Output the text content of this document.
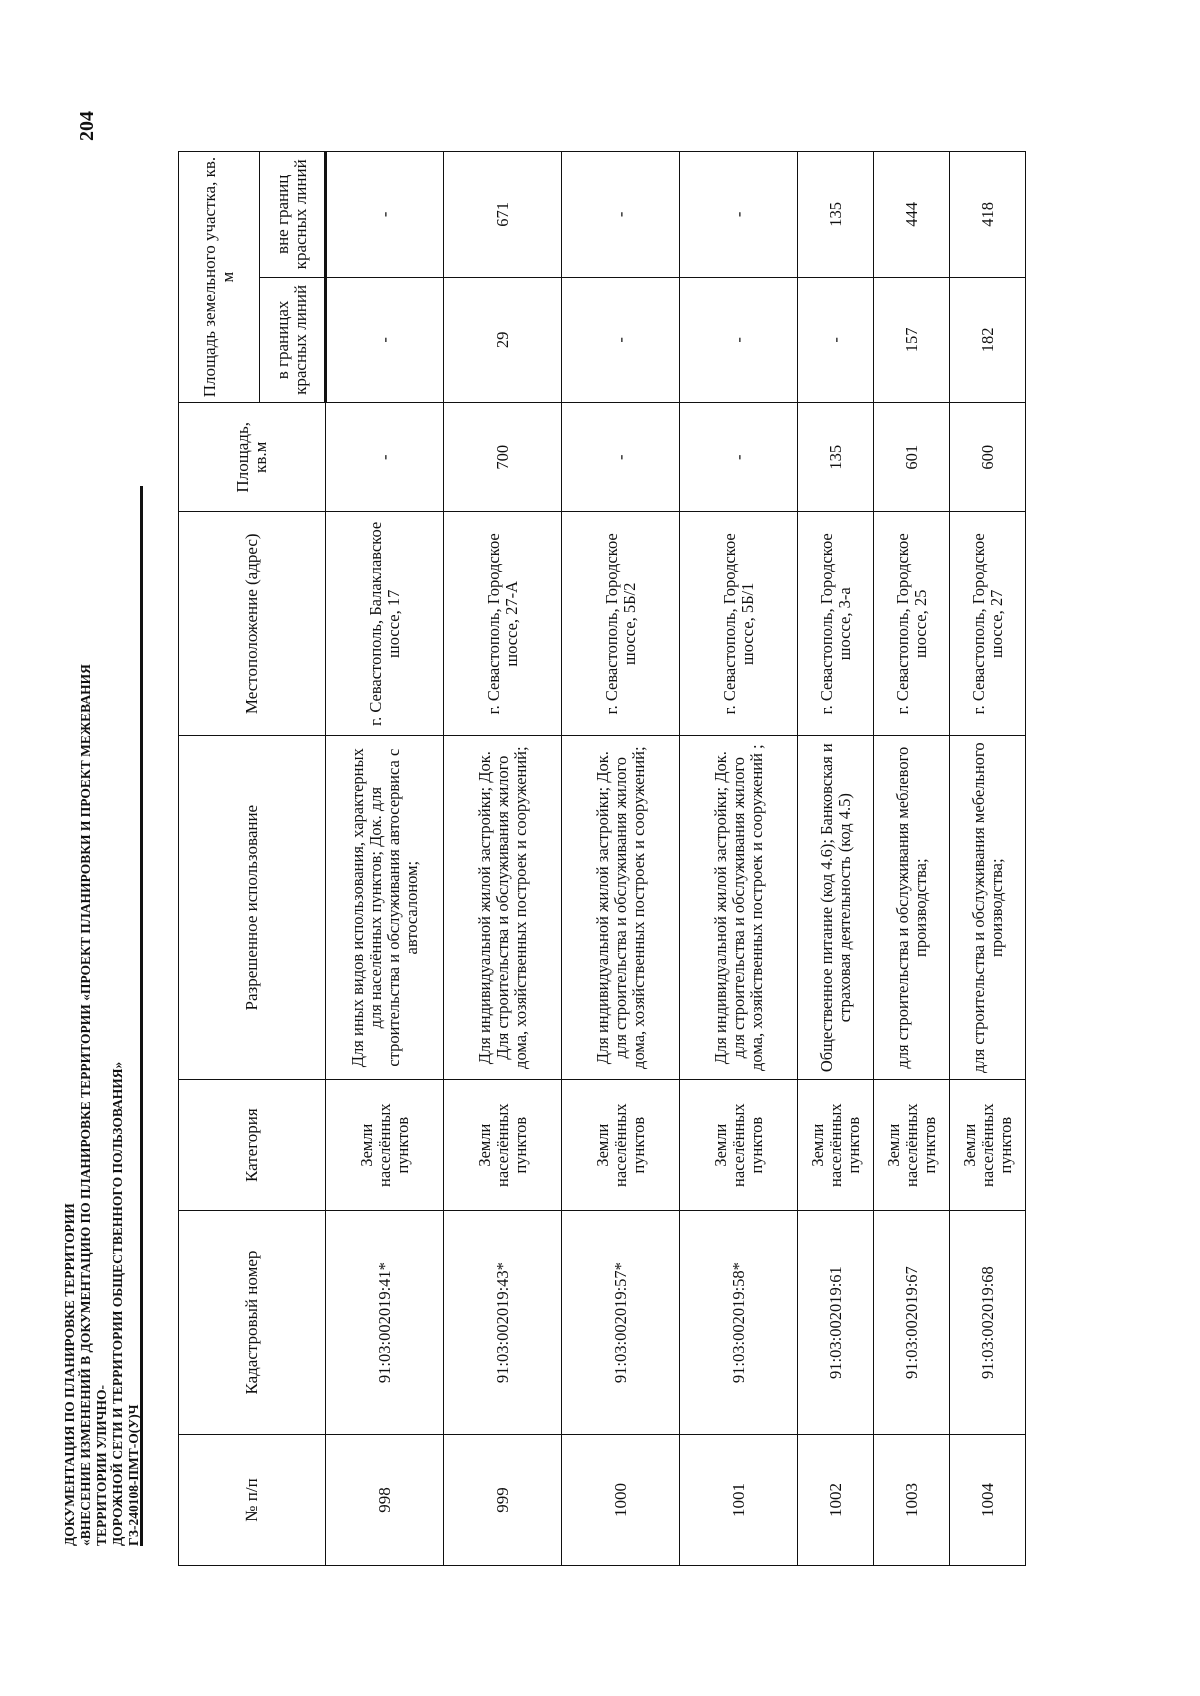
ДОКУМЕНТАЦИЯ ПО ПЛАНИРОВКЕ ТЕРРИТОРИИ «ВНЕСЕНИЕ ИЗМЕНЕНИЙ В ДОКУМЕНТАЦИЮ ПО ПЛАНИРОВКЕ ТЕРРИТОРИИ «ПРОЕКТ ПЛАНИРОВКИ И ПРОЕКТ МЕЖЕВАНИЯ ТЕРРИТОРИИ УЛИЧНО- ДОРОЖНОЙ СЕТИ И ТЕРРИТОРИИ ОБЩЕСТВЕННОГО ПОЛЬЗОВАНИЯ» ГЗ-240108-ПМТ-О(У)Ч
204
№ п/п	Кадастровый номер	Категория	Разрешенное использование	Местоположение (адрес)	Площадь, кв.м	Площадь земельного участка, кв. м	
						в границах красных линий	вне границ красных линий
998	91:03:002019:41*	Земли населённых пунктов	Для иных видов использования, характерных для населённых пунктов; Док. для строительства и обслуживания автосервиса с автосалоном;	г. Севастополь, Балаклавское шоссе, 17	-	-	-
999	91:03:002019:43*	Земли населённых пунктов	Для индивидуальной жилой застройки; Док. Для строительства и обслуживания жилого дома, хозяйственных построек и сооружений;	г. Севастополь, Городское шоссе, 27-А	700	29	671
1000	91:03:002019:57*	Земли населённых пунктов	Для индивидуальной жилой застройки; Док. для строительства и обслуживания жилого дома, хозяйственных построек и сооружений;	г. Севастополь, Городское шоссе, 5Б/2	-	-	-
1001	91:03:002019:58*	Земли населённых пунктов	Для индивидуальной жилой застройки; Док. для строительства и обслуживания жилого дома, хозяйственных построек и сооружений ;	г. Севастополь, Городское шоссе, 5Б/1	-	-	-
1002	91:03:002019:61	Земли населённых пунктов	Общественное питание (код 4.6); Банковская и страховая деятельность (код 4.5)	г. Севастополь, Городское шоссе, 3-а	135	-	135
1003	91:03:002019:67	Земли населённых пунктов	для строительства и обслуживания меблевого производства;	г. Севастополь, Городское шоссе, 25	601	157	444
1004	91:03:002019:68	Земли населённых пунктов	для строительства и обслуживания мебельного производства;	г. Севастополь, Городское шоссе, 27	600	182	418
